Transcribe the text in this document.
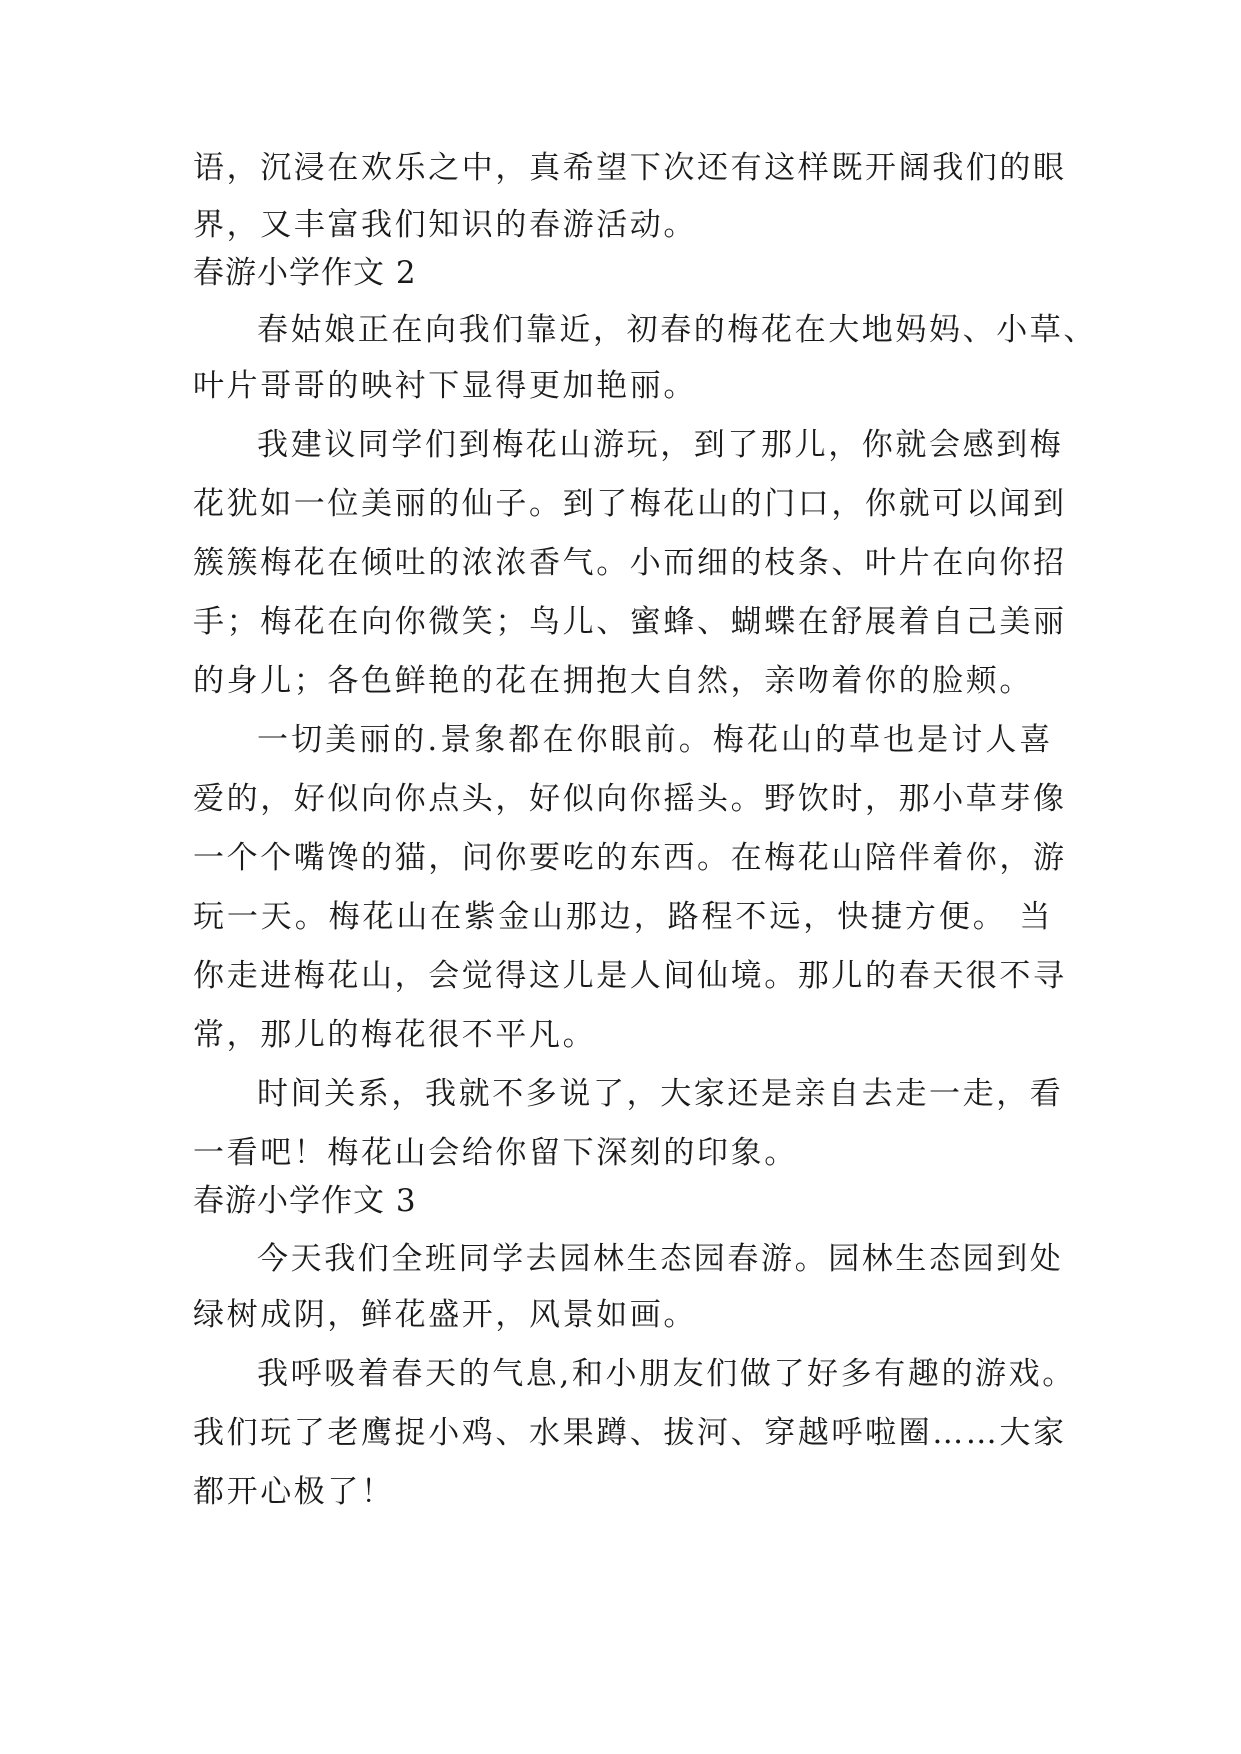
语，沉浸在欢乐之中，真希望下次还有这样既开阔我们的眼
界，又丰富我们知识的春游活动。
春游小学作文 2
春姑娘正在向我们靠近，初春的梅花在大地妈妈、小草、
叶片哥哥的映衬下显得更加艳丽。
我建议同学们到梅花山游玩，到了那儿，你就会感到梅
花犹如一位美丽的仙子。到了梅花山的门口，你就可以闻到
簇簇梅花在倾吐的浓浓香气。小而细的枝条、叶片在向你招
手；梅花在向你微笑；鸟儿、蜜蜂、蝴蝶在舒展着自己美丽
的身儿；各色鲜艳的花在拥抱大自然，亲吻着你的脸颊。
一切美丽的.景象都在你眼前。梅花山的草也是讨人喜
爱的，好似向你点头，好似向你摇头。野饮时，那小草芽像
一个个嘴馋的猫，问你要吃的东西。在梅花山陪伴着你，游
玩一天。梅花山在紫金山那边，路程不远，快捷方便。 当
你走进梅花山，会觉得这儿是人间仙境。那儿的春天很不寻
常，那儿的梅花很不平凡。
时间关系，我就不多说了，大家还是亲自去走一走，看
一看吧！梅花山会给你留下深刻的印象。
春游小学作文 3
今天我们全班同学去园林生态园春游。园林生态园到处
绿树成阴，鲜花盛开，风景如画。
我呼吸着春天的气息,和小朋友们做了好多有趣的游戏。
我们玩了老鹰捉小鸡、水果蹲、拔河、穿越呼啦圈……大家
都开心极了！
